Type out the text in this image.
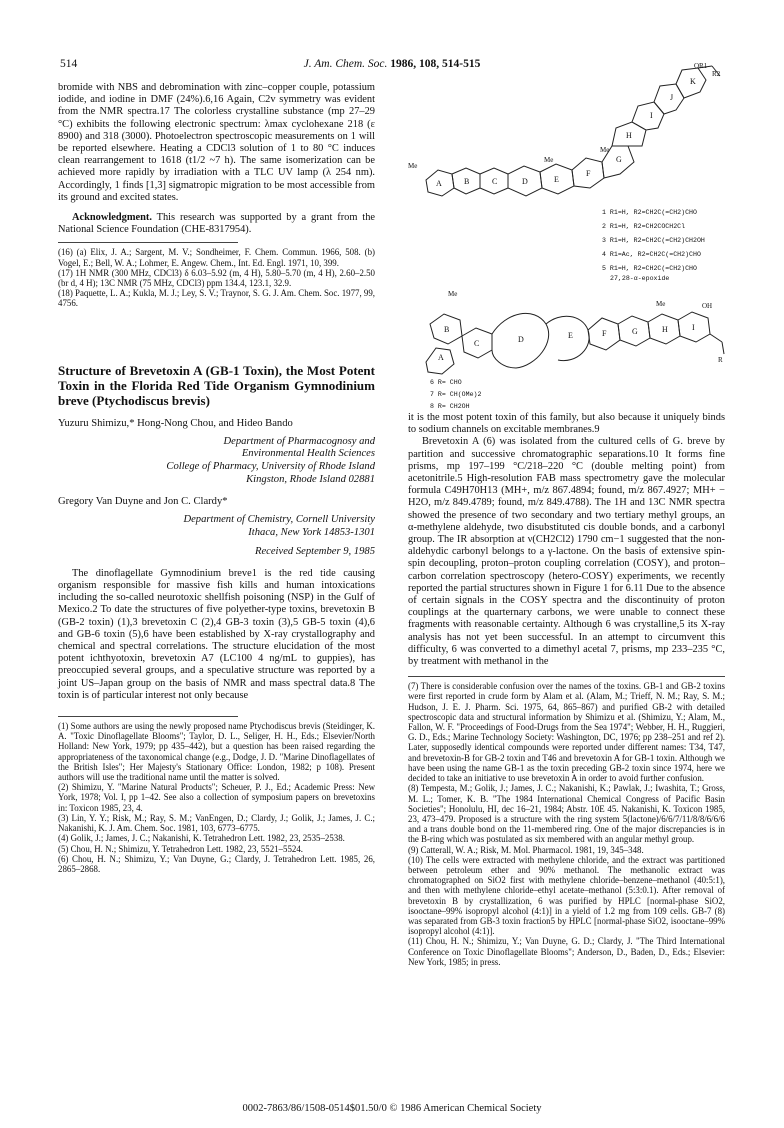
514	J. Am. Chem. Soc. 1986, 108, 514-515

bromide with NBS and debromination with zinc–copper couple, potassium iodide, and iodine in DMF (24%).6,16 Again, C2v symmetry was evident from the NMR spectra.17 The colorless crystalline substance (mp 27–29 °C) exhibits the following electronic spectrum: λmax cyclohexane 218 (ε 8900) and 318 (3000). Photoelectron spectroscopic measurements on 1 will be reported elsewhere. Heating a CDCl3 solution of 1 to 80 °C induces clean rearrangement to 1618 (t1/2 ~7 h). The same isomerization can be achieved more rapidly by irradiation with a TLC UV lamp (λ 254 nm). Accordingly, 1 finds [1,3] sigmatropic migration to be most accessible from its ground and excited states.

Acknowledgment. This research was supported by a grant from the National Science Foundation (CHE-8317954).

(16) (a) Elix, J. A.; Sargent, M. V.; Sondheimer, F. Chem. Commun. 1966, 508. (b) Vogel, E.; Bell, W. A.; Lohmer, E. Angew. Chem., Int. Ed. Engl. 1971, 10, 399.

(17) 1H NMR (300 MHz, CDCl3) δ 6.03–5.92 (m, 4 H), 5.80–5.70 (m, 4 H), 2.60–2.50 (br d, 4 H); 13C NMR (75 MHz, CDCl3) ppm 134.4, 123.1, 32.9.

(18) Paquette, L. A.; Kukla, M. J.; Ley, S. V.; Traynor, S. G. J. Am. Chem. Soc. 1977, 99, 4756.

Structure of Brevetoxin A (GB-1 Toxin), the Most Potent Toxin in the Florida Red Tide Organism Gymnodinium breve (Ptychodiscus brevis)

Yuzuru Shimizu,* Hong-Nong Chou, and Hideo Bando

Department of Pharmacognosy and
Environmental Health Sciences
College of Pharmacy, University of Rhode Island
Kingston, Rhode Island 02881

Gregory Van Duyne and Jon C. Clardy*

Department of Chemistry, Cornell University
Ithaca, New York 14853-1301

Received September 9, 1985

The dinoflagellate Gymnodinium breve1 is the red tide causing organism responsible for massive fish kills and human intoxications including the so-called neurotoxic shellfish poisoning (NSP) in the Gulf of Mexico.2 To date the structures of five polyether-type toxins, brevetoxin B (GB-2 toxin) (1),3 brevetoxin C (2),4 GB-3 toxin (3),5 GB-5 toxin (4),6 and GB-6 toxin (5),6 have been established by X-ray crystallography and chemical and spectral correlations. The structure elucidation of the most potent ichthyotoxin, brevetoxin A7 (LC100 4 ng/mL to guppies), has preoccupied several groups, and a speculative structure was reported by a joint US–Japan group on the basis of NMR and mass spectral data.8 The toxin is of particular interest not only because

(1) Some authors are using the newly proposed name Ptychodiscus brevis (Steidinger, K. A. "Toxic Dinoflagellate Blooms"; Taylor, D. L., Seliger, H. H., Eds.; Elsevier/North Holland: New York, 1979; pp 435–442), but a question has been raised regarding the appropriateness of the taxonomical change (e.g., Dodge, J. D. "Marine Dinoflagellates of the British Isles"; Her Majesty's Stationary Office: London, 1982; p 108). Present authors will use the traditional name until the matter is solved.

(2) Shimizu, Y. "Marine Natural Products"; Scheuer, P. J., Ed.; Academic Press: New York, 1978; Vol. I, pp 1–42. See also a collection of symposium papers on brevetoxins in: Toxicon 1985, 23, 4.

(3) Lin, Y. Y.; Risk, M.; Ray, S. M.; VanEngen, D.; Clardy, J.; Golik, J.; James, J. C.; Nakanishi, K. J. Am. Chem. Soc. 1981, 103, 6773–6775.

(4) Golik, J.; James, J. C.; Nakanishi, K. Tetrahedron Lett. 1982, 23, 2535–2538.

(5) Chou, H. N.; Shimizu, Y. Tetrahedron Lett. 1982, 23, 5521–5524.

(6) Chou, H. N.; Shimizu, Y.; Van Duyne, G.; Clardy, J. Tetrahedron Lett. 1985, 26, 2865–2868.

A	B	C	D	E
F
G
H
I
J
K
OR1
R2
Me
Me
Me
A
B
C	D	E	F	G	H	I
OH
R
Me
Me
1 R1=H, R2=CH2C(=CH2)CHO
2 R1=H, R2=CH2COCH2Cl
3 R1=H, R2=CH2C(=CH2)CH2OH
4 R1=Ac, R2=CH2C(=CH2)CHO
5 R1=H, R2=CH2C(=CH2)CHO
27,28-α-epoxide
6 R= CHO
7 R= CH(OMe)2
8 R= CH2OH

it is the most potent toxin of this family, but also because it uniquely binds to sodium channels on excitable membranes.9

Brevetoxin A (6) was isolated from the cultured cells of G. breve by partition and successive chromatographic separations.10 It forms fine prisms, mp 197–199 °C/218–220 °C (double melting point) from acetonitrile.5 High-resolution FAB mass spectrometry gave the molecular formula C49H70H13 (MH+, m/z 867.4894; found, m/z 867.4927; MH+ − H2O, m/z 849.4789; found, m/z 849.4788). The 1H and 13C NMR spectra showed the presence of two secondary and two tertiary methyl groups, an α-methylene aldehyde, two disubstituted cis double bonds, and a carbonyl group. The IR absorption at ν(CH2Cl2) 1790 cm−1 suggested that the non-aldehydic carbonyl belongs to a γ-lactone. On the basis of extensive spin-spin decoupling, proton–proton coupling correlation (COSY), and proton–carbon correlation spectroscopy (hetero-COSY) experiments, we recently reported the partial structures shown in Figure 1 for 6.11 Due to the absence of certain signals in the COSY spectra and the discontinuity of proton couplings at the quarternary carbons, we were unable to connect these fragments with reasonable certainty. Although 6 was crystalline,5 its X-ray analysis has not yet been successful. In an attempt to circumvent this difficulty, 6 was converted to a dimethyl acetal 7, prisms, mp 233–235 °C, by treatment with methanol in the

(7) There is considerable confusion over the names of the toxins. GB-1 and GB-2 toxins were first reported in crude form by Alam et al. (Alam, M.; Trieff, N. M.; Ray, S. M.; Hudson, J. E. J. Pharm. Sci. 1975, 64, 865–867) and purified GB-2 with detailed spectroscopic data and structural information by Shimizu et al. (Shimizu, Y.; Alam, M., Fallon, W. F. "Proceedings of Food-Drugs from the Sea 1974"; Webber, H. H., Ruggieri, G. D., Eds.; Marine Technology Society: Washington, DC, 1976; pp 238–251 and ref 2). Later, supposedly identical compounds were reported under different names: T34, T47, and brevetoxin-B for GB-2 toxin and T46 and brevetoxin A for GB-1 toxin. Although we have been using the name GB-1 as the toxin preceding GB-2 toxin since 1974, here we decided to take an initiative to use brevetoxin A in order to avoid further confusion.

(8) Tempesta, M.; Golik, J.; James, J. C.; Nakanishi, K.; Pawlak, J.; Iwashita, T.; Gross, M. L.; Tomer, K. B. "The 1984 International Chemical Congress of Pacific Basin Societies"; Honolulu, HI, dec 16–21, 1984; Abstr. 10E 45. Nakanishi, K. Toxicon 1985, 23, 473–479. Proposed is a structure with the ring system 5(lactone)/6/6/7/11/8/8/6/6/6 and a trans double bond on the 11-membered ring. One of the major discrepancies is in the B-ring which was postulated as six membered with an angular methyl group.

(9) Catterall, W. A.; Risk, M. Mol. Pharmacol. 1981, 19, 345–348.

(10) The cells were extracted with methylene chloride, and the extract was partitioned between petroleum ether and 90% methanol. The methanolic extract was chromatographed on SiO2 first with methylene chloride–benzene–methanol (40:5:1), and then with methylene chloride–ethyl acetate–methanol (5:3:0.1). After removal of brevetoxin B by crystallization, 6 was purified by HPLC [normal-phase SiO2, isooctane–99% isopropyl alcohol (4:1)] in a yield of 1.2 mg from 109 cells. GB-7 (8) was separated from GB-3 toxin fraction5 by HPLC [normal-phase SiO2, isooctane–99% isopropyl alcohol (4:1)].

(11) Chou, H. N.; Shimizu, Y.; Van Duyne, G. D.; Clardy, J. "The Third International Conference on Toxic Dinoflagellate Blooms"; Anderson, D., Baden, D., Eds.; Elsevier: New York, 1985; in press.

0002-7863/86/1508-0514$01.50/0 © 1986 American Chemical Society
